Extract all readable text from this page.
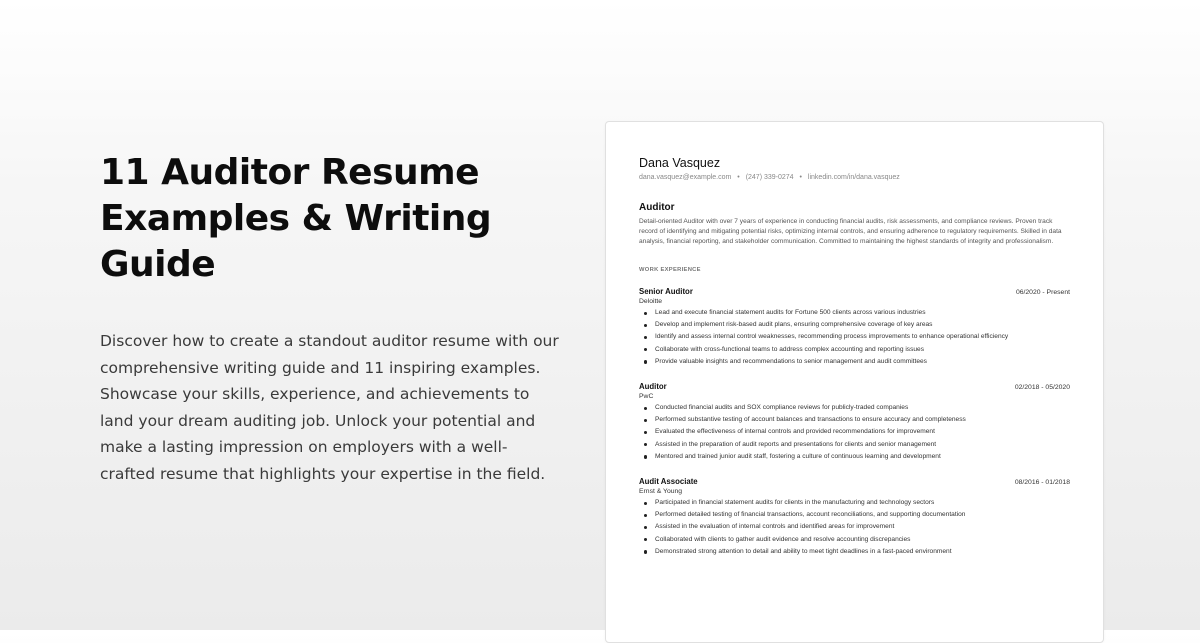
11 Auditor Resume Examples & Writing Guide

Discover how to create a standout auditor resume with our comprehensive writing guide and 11 inspiring examples. Showcase your skills, experience, and achievements to land your dream auditing job. Unlock your potential and make a lasting impression on employers with a well-crafted resume that highlights your expertise in the field.

Dana Vasquez
dana.vasquez@example.com • (247) 339-0274 • linkedin.com/in/dana.vasquez
Auditor
Detail-oriented Auditor with over 7 years of experience in conducting financial audits, risk assessments, and compliance reviews. Proven track record of identifying and mitigating potential risks, optimizing internal controls, and ensuring adherence to regulatory requirements. Skilled in data analysis, financial reporting, and stakeholder communication. Committed to maintaining the highest standards of integrity and professionalism.
WORK EXPERIENCE
Senior Auditor	06/2020 - Present
Deloitte
Lead and execute financial statement audits for Fortune 500 clients across various industries
Develop and implement risk-based audit plans, ensuring comprehensive coverage of key areas
Identify and assess internal control weaknesses, recommending process improvements to enhance operational efficiency
Collaborate with cross-functional teams to address complex accounting and reporting issues
Provide valuable insights and recommendations to senior management and audit committees
Auditor	02/2018 - 05/2020
PwC
Conducted financial audits and SOX compliance reviews for publicly-traded companies
Performed substantive testing of account balances and transactions to ensure accuracy and completeness
Evaluated the effectiveness of internal controls and provided recommendations for improvement
Assisted in the preparation of audit reports and presentations for clients and senior management
Mentored and trained junior audit staff, fostering a culture of continuous learning and development
Audit Associate	08/2016 - 01/2018
Ernst & Young
Participated in financial statement audits for clients in the manufacturing and technology sectors
Performed detailed testing of financial transactions, account reconciliations, and supporting documentation
Assisted in the evaluation of internal controls and identified areas for improvement
Collaborated with clients to gather audit evidence and resolve accounting discrepancies
Demonstrated strong attention to detail and ability to meet tight deadlines in a fast-paced environment
